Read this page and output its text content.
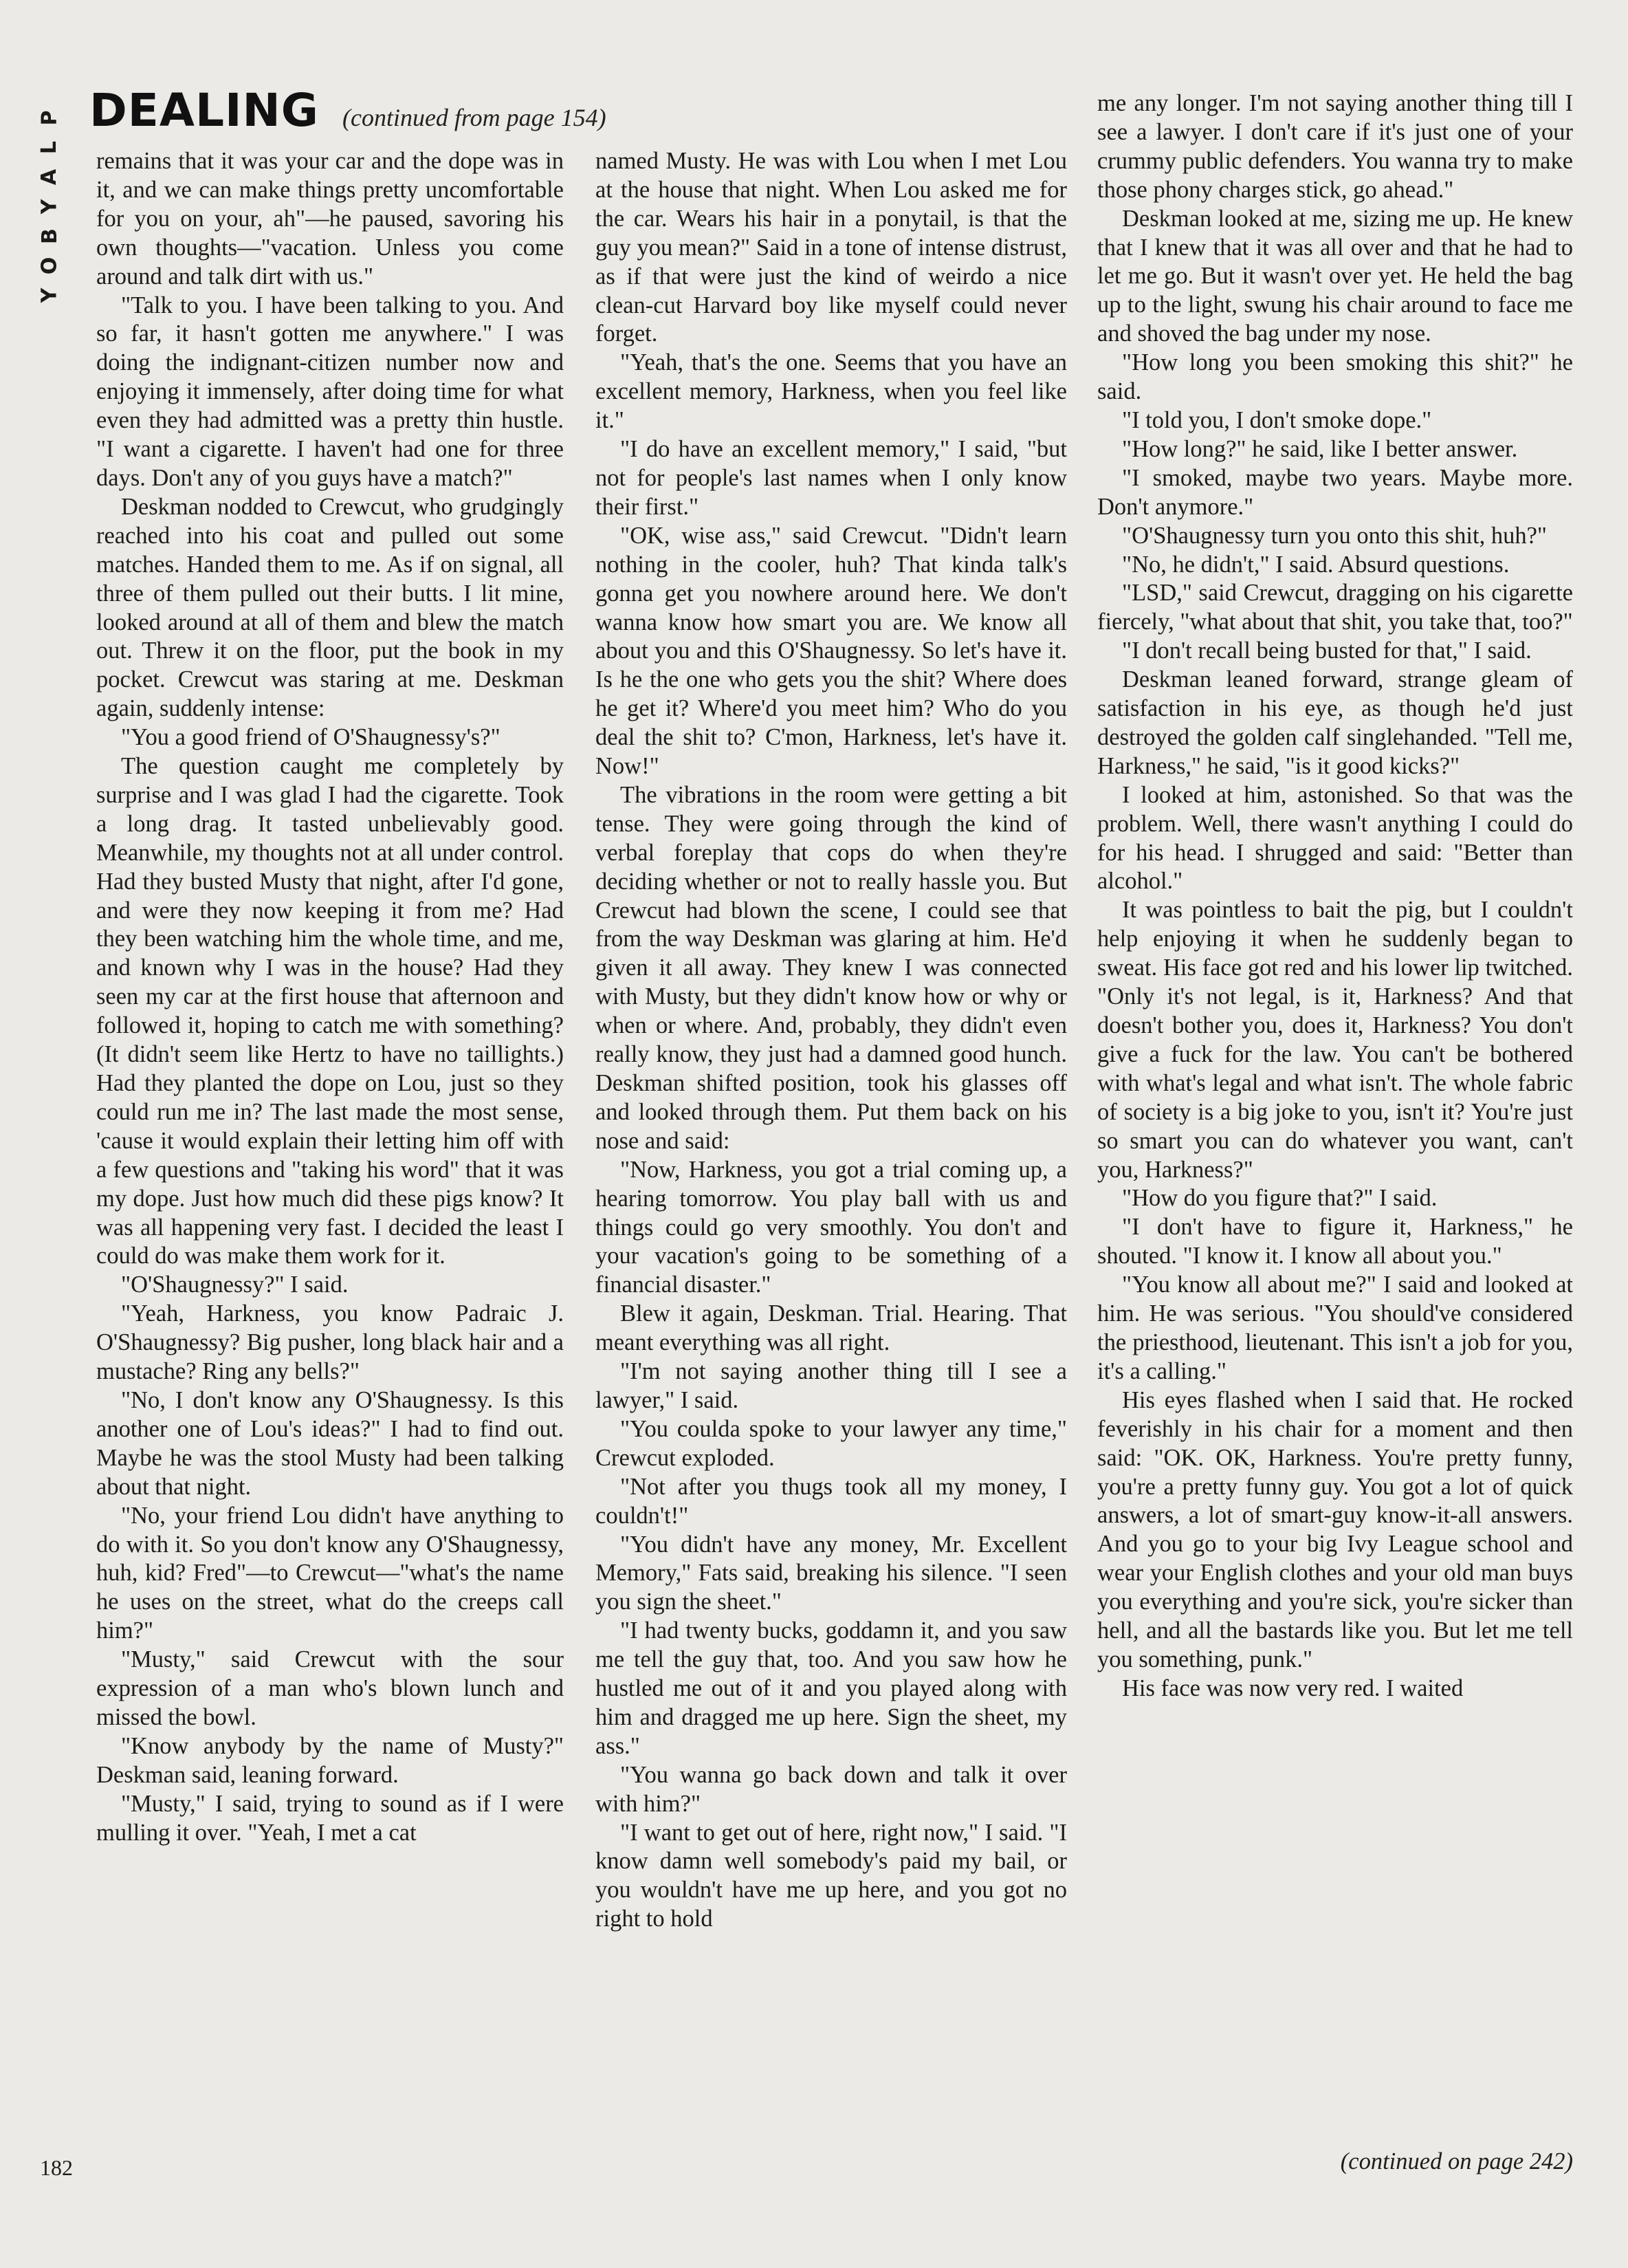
P
L
A
Y
B
O
Y
DEALING (continued from page 154)

remains that it was your car and the dope was in it, and we can make things pretty uncomfortable for you on your, ah"—he paused, savoring his own thoughts—"vacation. Unless you come around and talk dirt with us."

"Talk to you. I have been talking to you. And so far, it hasn't gotten me anywhere." I was doing the indignant-citizen number now and enjoying it immensely, after doing time for what even they had admitted was a pretty thin hustle. "I want a cigarette. I haven't had one for three days. Don't any of you guys have a match?"

Deskman nodded to Crewcut, who grudgingly reached into his coat and pulled out some matches. Handed them to me. As if on signal, all three of them pulled out their butts. I lit mine, looked around at all of them and blew the match out. Threw it on the floor, put the book in my pocket. Crewcut was staring at me. Deskman again, suddenly intense:

"You a good friend of O'Shaugnessy's?"

The question caught me completely by surprise and I was glad I had the cigarette. Took a long drag. It tasted unbelievably good. Meanwhile, my thoughts not at all under control. Had they busted Musty that night, after I'd gone, and were they now keeping it from me? Had they been watching him the whole time, and me, and known why I was in the house? Had they seen my car at the first house that afternoon and followed it, hoping to catch me with something? (It didn't seem like Hertz to have no taillights.) Had they planted the dope on Lou, just so they could run me in? The last made the most sense, 'cause it would explain their letting him off with a few questions and "taking his word" that it was my dope. Just how much did these pigs know? It was all happening very fast. I decided the least I could do was make them work for it.

"O'Shaugnessy?" I said.

"Yeah, Harkness, you know Padraic J. O'Shaugnessy? Big pusher, long black hair and a mustache? Ring any bells?"

"No, I don't know any O'Shaugnessy. Is this another one of Lou's ideas?" I had to find out. Maybe he was the stool Musty had been talking about that night.

"No, your friend Lou didn't have anything to do with it. So you don't know any O'Shaugnessy, huh, kid? Fred"—to Crewcut—"what's the name he uses on the street, what do the creeps call him?"

"Musty," said Crewcut with the sour expression of a man who's blown lunch and missed the bowl.

"Know anybody by the name of Musty?" Deskman said, leaning forward.

"Musty," I said, trying to sound as if I were mulling it over. "Yeah, I met a cat

named Musty. He was with Lou when I met Lou at the house that night. When Lou asked me for the car. Wears his hair in a ponytail, is that the guy you mean?" Said in a tone of intense distrust, as if that were just the kind of weirdo a nice clean-cut Harvard boy like myself could never forget.

"Yeah, that's the one. Seems that you have an excellent memory, Harkness, when you feel like it."

"I do have an excellent memory," I said, "but not for people's last names when I only know their first."

"OK, wise ass," said Crewcut. "Didn't learn nothing in the cooler, huh? That kinda talk's gonna get you nowhere around here. We don't wanna know how smart you are. We know all about you and this O'Shaugnessy. So let's have it. Is he the one who gets you the shit? Where does he get it? Where'd you meet him? Who do you deal the shit to? C'mon, Harkness, let's have it. Now!"

The vibrations in the room were getting a bit tense. They were going through the kind of verbal foreplay that cops do when they're deciding whether or not to really hassle you. But Crewcut had blown the scene, I could see that from the way Deskman was glaring at him. He'd given it all away. They knew I was connected with Musty, but they didn't know how or why or when or where. And, probably, they didn't even really know, they just had a damned good hunch. Deskman shifted position, took his glasses off and looked through them. Put them back on his nose and said:

"Now, Harkness, you got a trial coming up, a hearing tomorrow. You play ball with us and things could go very smoothly. You don't and your vacation's going to be something of a financial disaster."

Blew it again, Deskman. Trial. Hearing. That meant everything was all right.

"I'm not saying another thing till I see a lawyer," I said.

"You coulda spoke to your lawyer any time," Crewcut exploded.

"Not after you thugs took all my money, I couldn't!"

"You didn't have any money, Mr. Excellent Memory," Fats said, breaking his silence. "I seen you sign the sheet."

"I had twenty bucks, goddamn it, and you saw me tell the guy that, too. And you saw how he hustled me out of it and you played along with him and dragged me up here. Sign the sheet, my ass."

"You wanna go back down and talk it over with him?"

"I want to get out of here, right now," I said. "I know damn well somebody's paid my bail, or you wouldn't have me up here, and you got no right to hold

me any longer. I'm not saying another thing till I see a lawyer. I don't care if it's just one of your crummy public defenders. You wanna try to make those phony charges stick, go ahead."

Deskman looked at me, sizing me up. He knew that I knew that it was all over and that he had to let me go. But it wasn't over yet. He held the bag up to the light, swung his chair around to face me and shoved the bag under my nose.

"How long you been smoking this shit?" he said.

"I told you, I don't smoke dope."

"How long?" he said, like I better answer.

"I smoked, maybe two years. Maybe more. Don't anymore."

"O'Shaugnessy turn you onto this shit, huh?"

"No, he didn't," I said. Absurd questions.

"LSD," said Crewcut, dragging on his cigarette fiercely, "what about that shit, you take that, too?"

"I don't recall being busted for that," I said.

Deskman leaned forward, strange gleam of satisfaction in his eye, as though he'd just destroyed the golden calf singlehanded. "Tell me, Harkness," he said, "is it good kicks?"

I looked at him, astonished. So that was the problem. Well, there wasn't anything I could do for his head. I shrugged and said: "Better than alcohol."

It was pointless to bait the pig, but I couldn't help enjoying it when he suddenly began to sweat. His face got red and his lower lip twitched. "Only it's not legal, is it, Harkness? And that doesn't bother you, does it, Harkness? You don't give a fuck for the law. You can't be bothered with what's legal and what isn't. The whole fabric of society is a big joke to you, isn't it? You're just so smart you can do whatever you want, can't you, Harkness?"

"How do you figure that?" I said.

"I don't have to figure it, Harkness," he shouted. "I know it. I know all about you."

"You know all about me?" I said and looked at him. He was serious. "You should've considered the priesthood, lieutenant. This isn't a job for you, it's a calling."

His eyes flashed when I said that. He rocked feverishly in his chair for a moment and then said: "OK. OK, Harkness. You're pretty funny, you're a pretty funny guy. You got a lot of quick answers, a lot of smart-guy know-it-all answers. And you go to your big Ivy League school and wear your English clothes and your old man buys you everything and you're sick, you're sicker than hell, and all the bastards like you. But let me tell you something, punk."

His face was now very red. I waited

(continued on page 242)
182
